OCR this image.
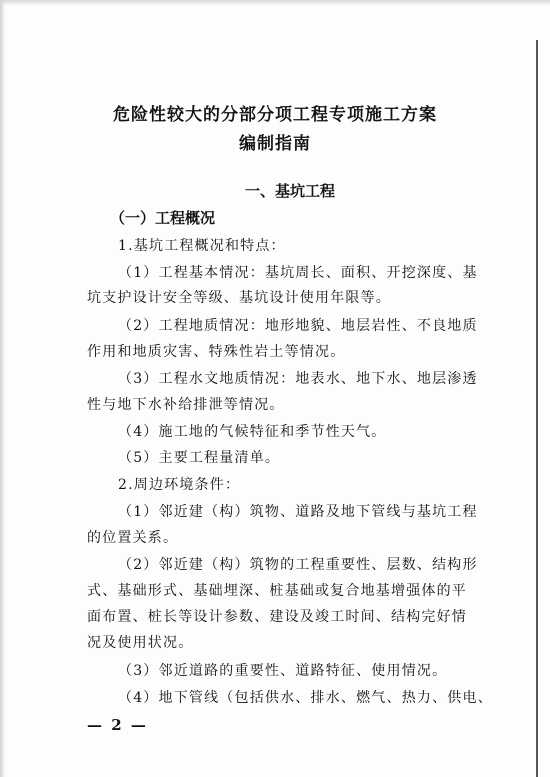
危险性较大的分部分项工程专项施工方案
编制指南
一、基坑工程
（一）工程概况
1.基坑工程概况和特点：
（1）工程基本情况：基坑周长、面积、开挖深度、基
坑支护设计安全等级、基坑设计使用年限等。
（2）工程地质情况：地形地貌、地层岩性、不良地质
作用和地质灾害、特殊性岩土等情况。
（3）工程水文地质情况：地表水、地下水、地层渗透
性与地下水补给排泄等情况。
（4）施工地的气候特征和季节性天气。
（5）主要工程量清单。
2.周边环境条件：
（1）邻近建（构）筑物、道路及地下管线与基坑工程
的位置关系。
（2）邻近建（构）筑物的工程重要性、层数、结构形
式、基础形式、基础埋深、桩基础或复合地基增强体的平
面布置、桩长等设计参数、建设及竣工时间、结构完好情
况及使用状况。
（3）邻近道路的重要性、道路特征、使用情况。
（4）地下管线（包括供水、排水、燃气、热力、供电、
— 2 —
